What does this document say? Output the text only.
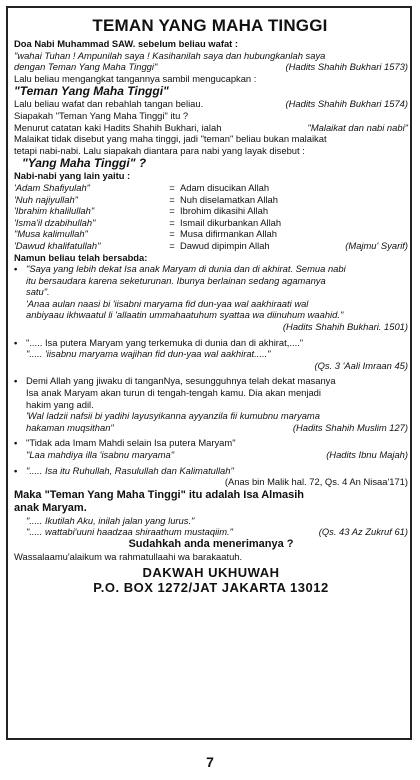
TEMAN YANG MAHA TINGGI
Doa Nabi Muhammad SAW. sebelum beliau wafat :
"wahai Tuhan ! Ampunilah saya ! Kasihanilah saya dan hubungkanlah saya
dengan Teman Yang Maha Tinggi"	(Hadits Shahih Bukhari 1573)
Lalu beliau mengangkat tangannya sambil mengucapkan :
"Teman Yang Maha Tinggi"
Lalu beliau wafat dan rebahlah tangan beliau.	(Hadits Shahih Bukhari 1574)
Siapakah "Teman Yang Maha Tinggi" itu ?
Menurut catatan kaki Hadits Shahih Bukhari, ialah	"Malaikat dan nabi nabi"
Malaikat tidak disebut yang maha tinggi, jadi "teman" beliau bukan malaikat
tetapi nabi-nabi. Lalu siapakah diantara para nabi yang layak disebut :
"Yang Maha Tinggi" ?
Nabi-nabi yang lain yaitu :
'Adam Shafiyulah"	= Adam disucikan Allah
'Nuh najiyullah"	= Nuh diselamatkan Allah
'Ibrahim khalilullah"	= Ibrohim dikasihi Allah
'Isma'il dzabihullah"	= Ismail dikurbankan Allah
"Musa kalimullah"	= Musa difirmankan Allah
'Dawud khalifatullah"	= Dawud dipimpin Allah	(Majmu' Syarif)
Namun beliau telah bersabda:
• "Saya yang lebih dekat Isa anak Maryam di dunia dan di akhirat. Semua nabi
itu bersaudara karena seketurunan. Ibunya berlainan sedang agamanya
satu".
'Anaa aulan naasi bi 'iisabni maryama fid dun-yaa wal aakhiraati wal
anbiyaau ikhwaatul li 'allaatin ummahaatuhum syattaa wa diinuhum waahid."
(Hadits Shahih Bukhari. 1501)
• "..... Isa putera Maryam yang terkemuka di dunia dan di akhirat,...."
"..... 'iisabnu maryama wajihan fid dun-yaa wal aakhirat....."
(Qs. 3 'Aali Imraan 45)
• Demi Allah yang jiwaku di tanganNya, sesungguhnya telah dekat masanya
Isa anak Maryam akan turun di tengah-tengah kamu. Dia akan menjadi
hakim yang adil.
'Wal ladzii nafsii bi yadihi layusyikanna ayyanzila fii kumubnu maryama
hakaman muqsithan"	(Hadits Shahih Muslim 127)
• "Tidak ada Imam Mahdi selain Isa putera Maryam"
"Laa mahdiya illa 'isabnu maryama"	(Hadits Ibnu Majah)
• "..... Isa itu Ruhullah, Rasulullah dan Kalimatullah"
(Anas bin Malik hal. 72, Qs. 4 An Nisaa'171)
Maka "Teman Yang Maha Tinggi" itu adalah Isa Almasih
anak Maryam.
"..... Ikutilah Aku, inilah jalan yang lurus."
"..... wattabi'uuni haadzaa shiraathum mustaqiim."	(Qs. 43 Az Zukruf 61)
Sudahkah anda menerimanya ?
Wassalaamu'alaikum wa rahmatullaahi wa barakaatuh.
DAKWAH UKHUWAH
P.O. BOX 1272/JAT JAKARTA 13012
7
